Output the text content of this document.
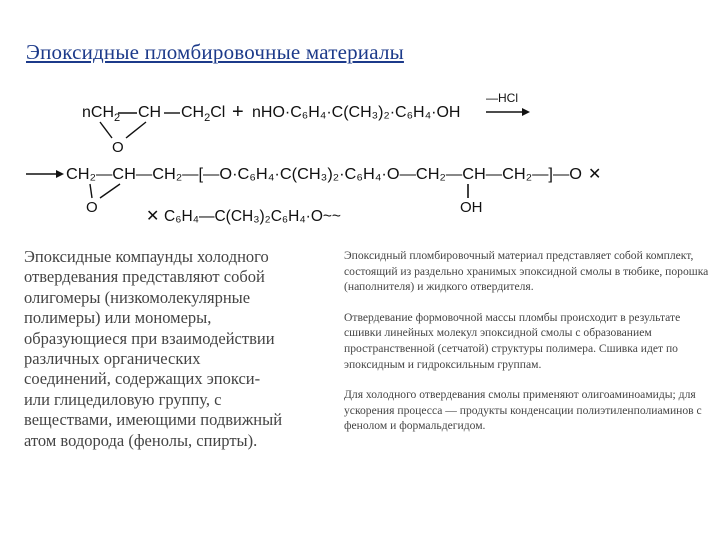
Эпоксидные пломбировочные материалы
nCH$_2$ CH $CH_2Cl$
O
+ nHO·C₆H₄·C(CH₃)₂·C₆H₄·OH
—HCl
CH₂—CH—CH₂—[—O·C₆H₄·C(CH₃)₂·C₆H₄·O—CH₂—CH—CH₂—]—O ✕
O	OH
✕ C₆H₄—C(CH₃)₂C₆H₄·O~~
Эпоксидные компаунды холодного
отвердевания представляют собой
олигомеры (низкомолекулярные
полимеры) или мономеры,
образующиеся при взаимодействии
различных органических
соединений, содержащих эпокси-
или глицедиловую группу, с
веществами, имеющими подвижный
атом водорода (фенолы, спирты).

Эпоксидный пломбировочный материал представляет собой комплект, состоящий из раздельно хранимых эпоксидной смолы в тюбике, порошка (наполнителя) и жидкого отвердителя.

Отвердевание формовочной массы пломбы происходит в результате сшивки линейных молекул эпоксидной смолы с образованием пространственной (сетчатой) структуры полимера. Сшивка идет по эпоксидным и гидроксильным группам.

Для холодного отвердевания смолы применяют олигоаминоамиды; для ускорения процесса — продукты конденсации полиэтиленполиаминов с фенолом и формальдегидом.
